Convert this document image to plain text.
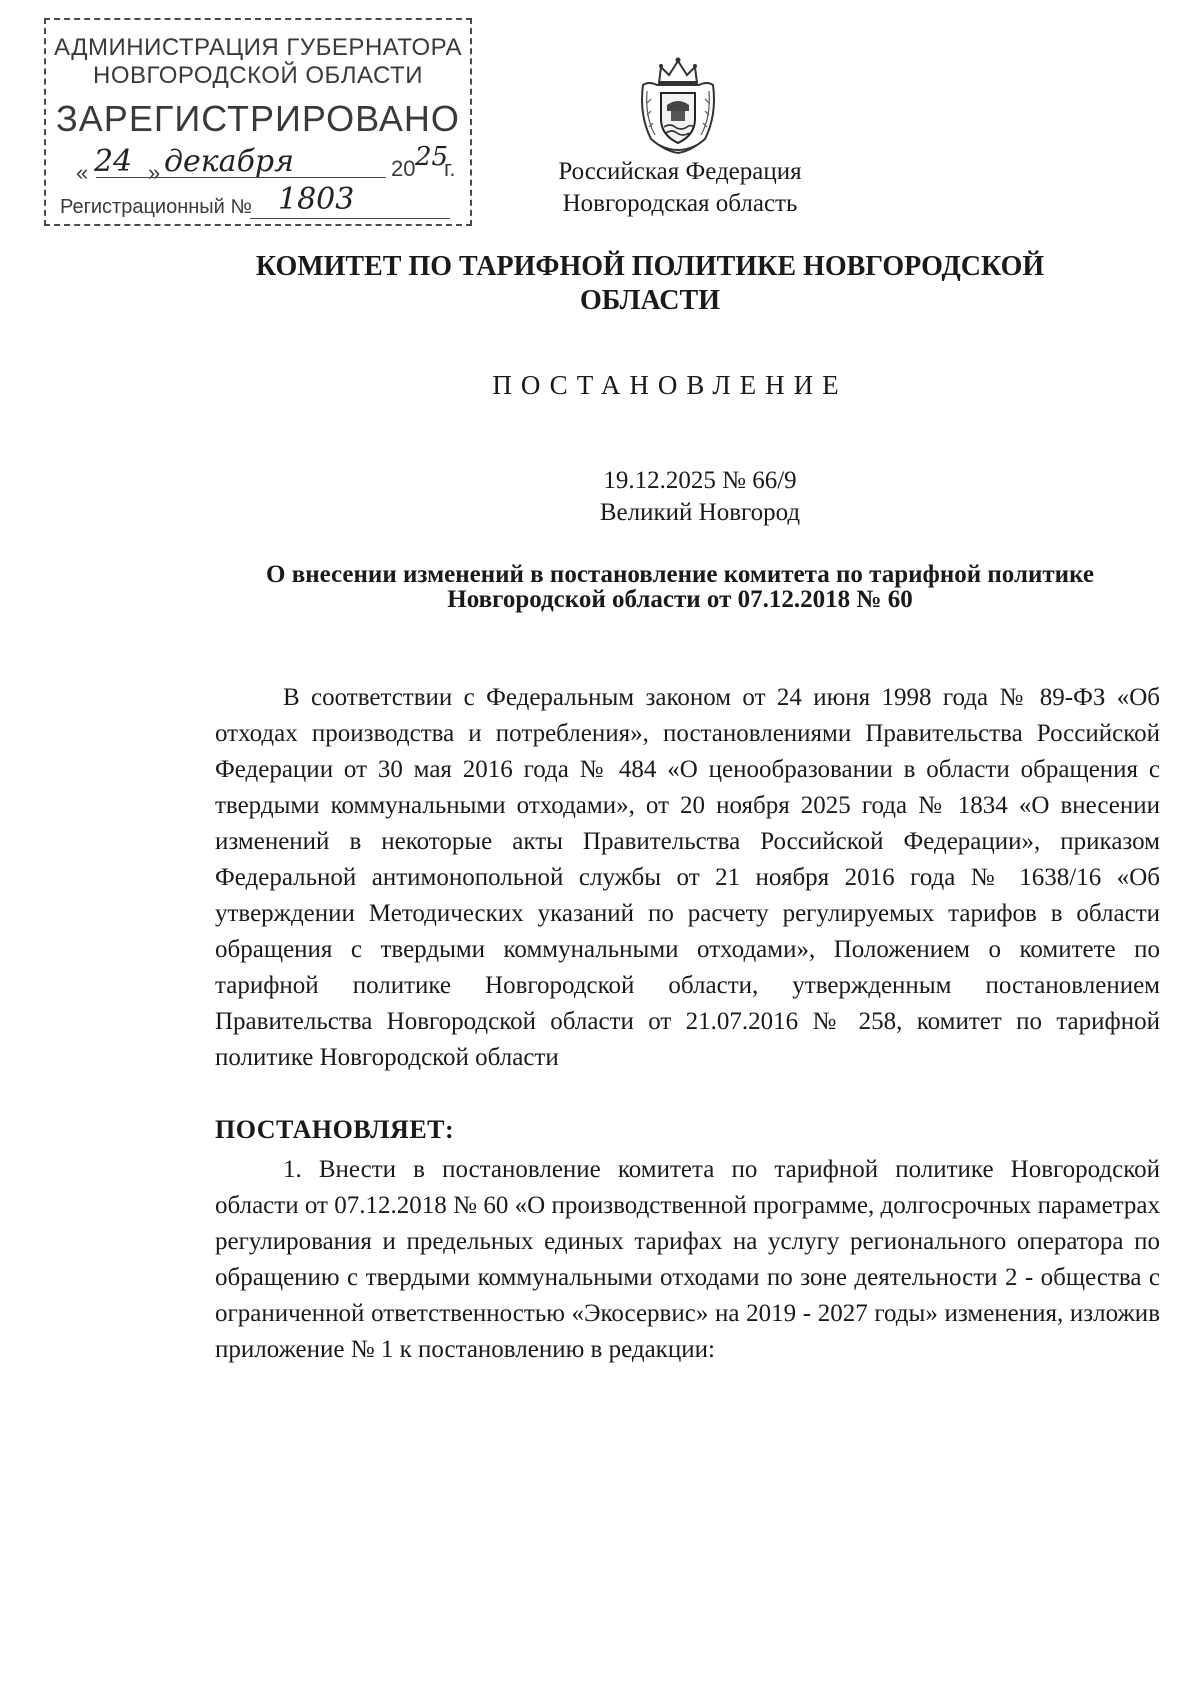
АДМИНИСТРАЦИЯ ГУБЕРНАТОРА
НОВГОРОДСКОЙ ОБЛАСТИ
ЗАРЕГИСТРИРОВАНО
« 24 » декабря	20 25
г.
Регистрационный № 1803
Российская Федерация
Новгородская область
КОМИТЕТ ПО ТАРИФНОЙ ПОЛИТИКЕ НОВГОРОДСКОЙ ОБЛАСТИ
ПОСТАНОВЛЕНИЕ
19.12.2025 № 66/9
Великий Новгород
О внесении изменений в постановление комитета по тарифной политике Новгородской области от 07.12.2018 № 60
В соответствии с Федеральным законом от 24 июня 1998 года № 89-ФЗ «Об отходах производства и потребления», постановлениями Правительства Российской Федерации от 30 мая 2016 года № 484 «О ценообразовании в области обращения с твердыми коммунальными отходами», от 20 ноября 2025 года № 1834 «О внесении изменений в некоторые акты Правительства Российской Федерации», приказом Федеральной антимонопольной службы от 21 ноября 2016 года № 1638/16 «Об утверждении Методических указаний по расчету регулируемых тарифов в области обращения с твердыми коммунальными отходами», Положением о комитете по тарифной политике Новгородской области, утвержденным постановлением Правительства Новгородской области от 21.07.2016 № 258, комитет по тарифной политике Новгородской области
ПОСТАНОВЛЯЕТ:
1. Внести в постановление комитета по тарифной политике Новгородской области от 07.12.2018 № 60 «О производственной программе, долгосрочных параметрах регулирования и предельных единых тарифах на услугу регионального оператора по обращению с твердыми коммунальными отходами по зоне деятельности 2 - общества с ограниченной ответственностью «Экосервис» на 2019 - 2027 годы» изменения, изложив приложение № 1 к постановлению в редакции:
